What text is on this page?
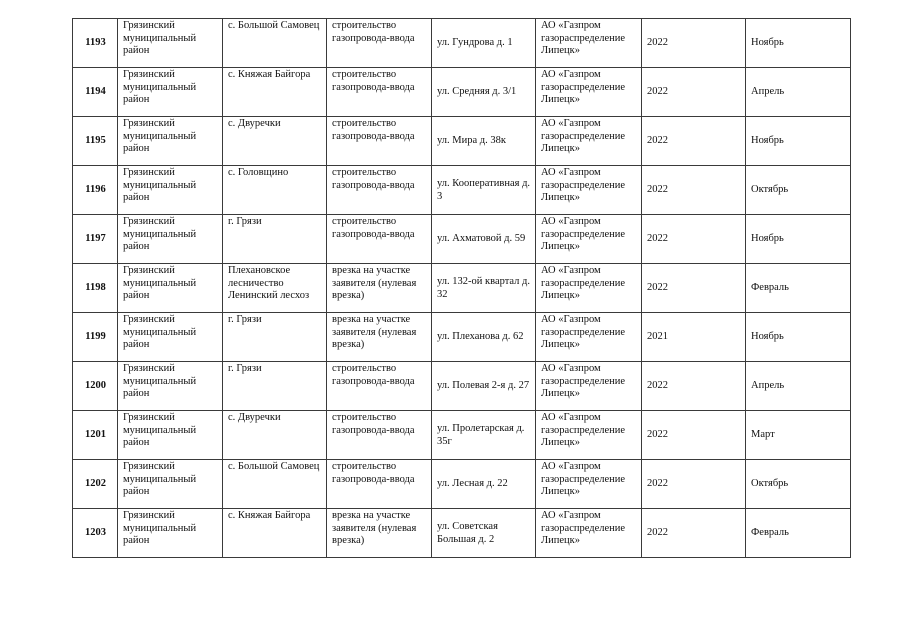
1193	Грязинский муниципальный район	с. Большой Самовец	строительство газопровода-ввода	ул. Гундрова д. 1	АО «Газпром газораспределение Липецк»	2022	Ноябрь
1194	Грязинский муниципальный район	с. Княжая Байгора	строительство газопровода-ввода	ул. Средняя д. 3/1	АО «Газпром газораспределение Липецк»	2022	Апрель
1195	Грязинский муниципальный район	с. Двуречки	строительство газопровода-ввода	ул. Мира д. 38к	АО «Газпром газораспределение Липецк»	2022	Ноябрь
1196	Грязинский муниципальный район	с. Головщино	строительство газопровода-ввода	ул. Кооперативная д. 3	АО «Газпром газораспределение Липецк»	2022	Октябрь
1197	Грязинский муниципальный район	г. Грязи	строительство газопровода-ввода	ул. Ахматовой д. 59	АО «Газпром газораспределение Липецк»	2022	Ноябрь
1198	Грязинский муниципальный район	Плехановское лесничество Ленинский лесхоз	врезка на участке заявителя (нулевая врезка)	ул. 132-ой квартал д. 32	АО «Газпром газораспределение Липецк»	2022	Февраль
1199	Грязинский муниципальный район	г. Грязи	врезка на участке заявителя (нулевая врезка)	ул. Плеханова д. 62	АО «Газпром газораспределение Липецк»	2021	Ноябрь
1200	Грязинский муниципальный район	г. Грязи	строительство газопровода-ввода	ул. Полевая 2-я д. 27	АО «Газпром газораспределение Липецк»	2022	Апрель
1201	Грязинский муниципальный район	с. Двуречки	строительство газопровода-ввода	ул. Пролетарская д. 35г	АО «Газпром газораспределение Липецк»	2022	Март
1202	Грязинский муниципальный район	с. Большой Самовец	строительство газопровода-ввода	ул. Лесная д. 22	АО «Газпром газораспределение Липецк»	2022	Октябрь
1203	Грязинский муниципальный район	с. Княжая Байгора	врезка на участке заявителя (нулевая врезка)	ул. Советская Большая д. 2	АО «Газпром газораспределение Липецк»	2022	Февраль
